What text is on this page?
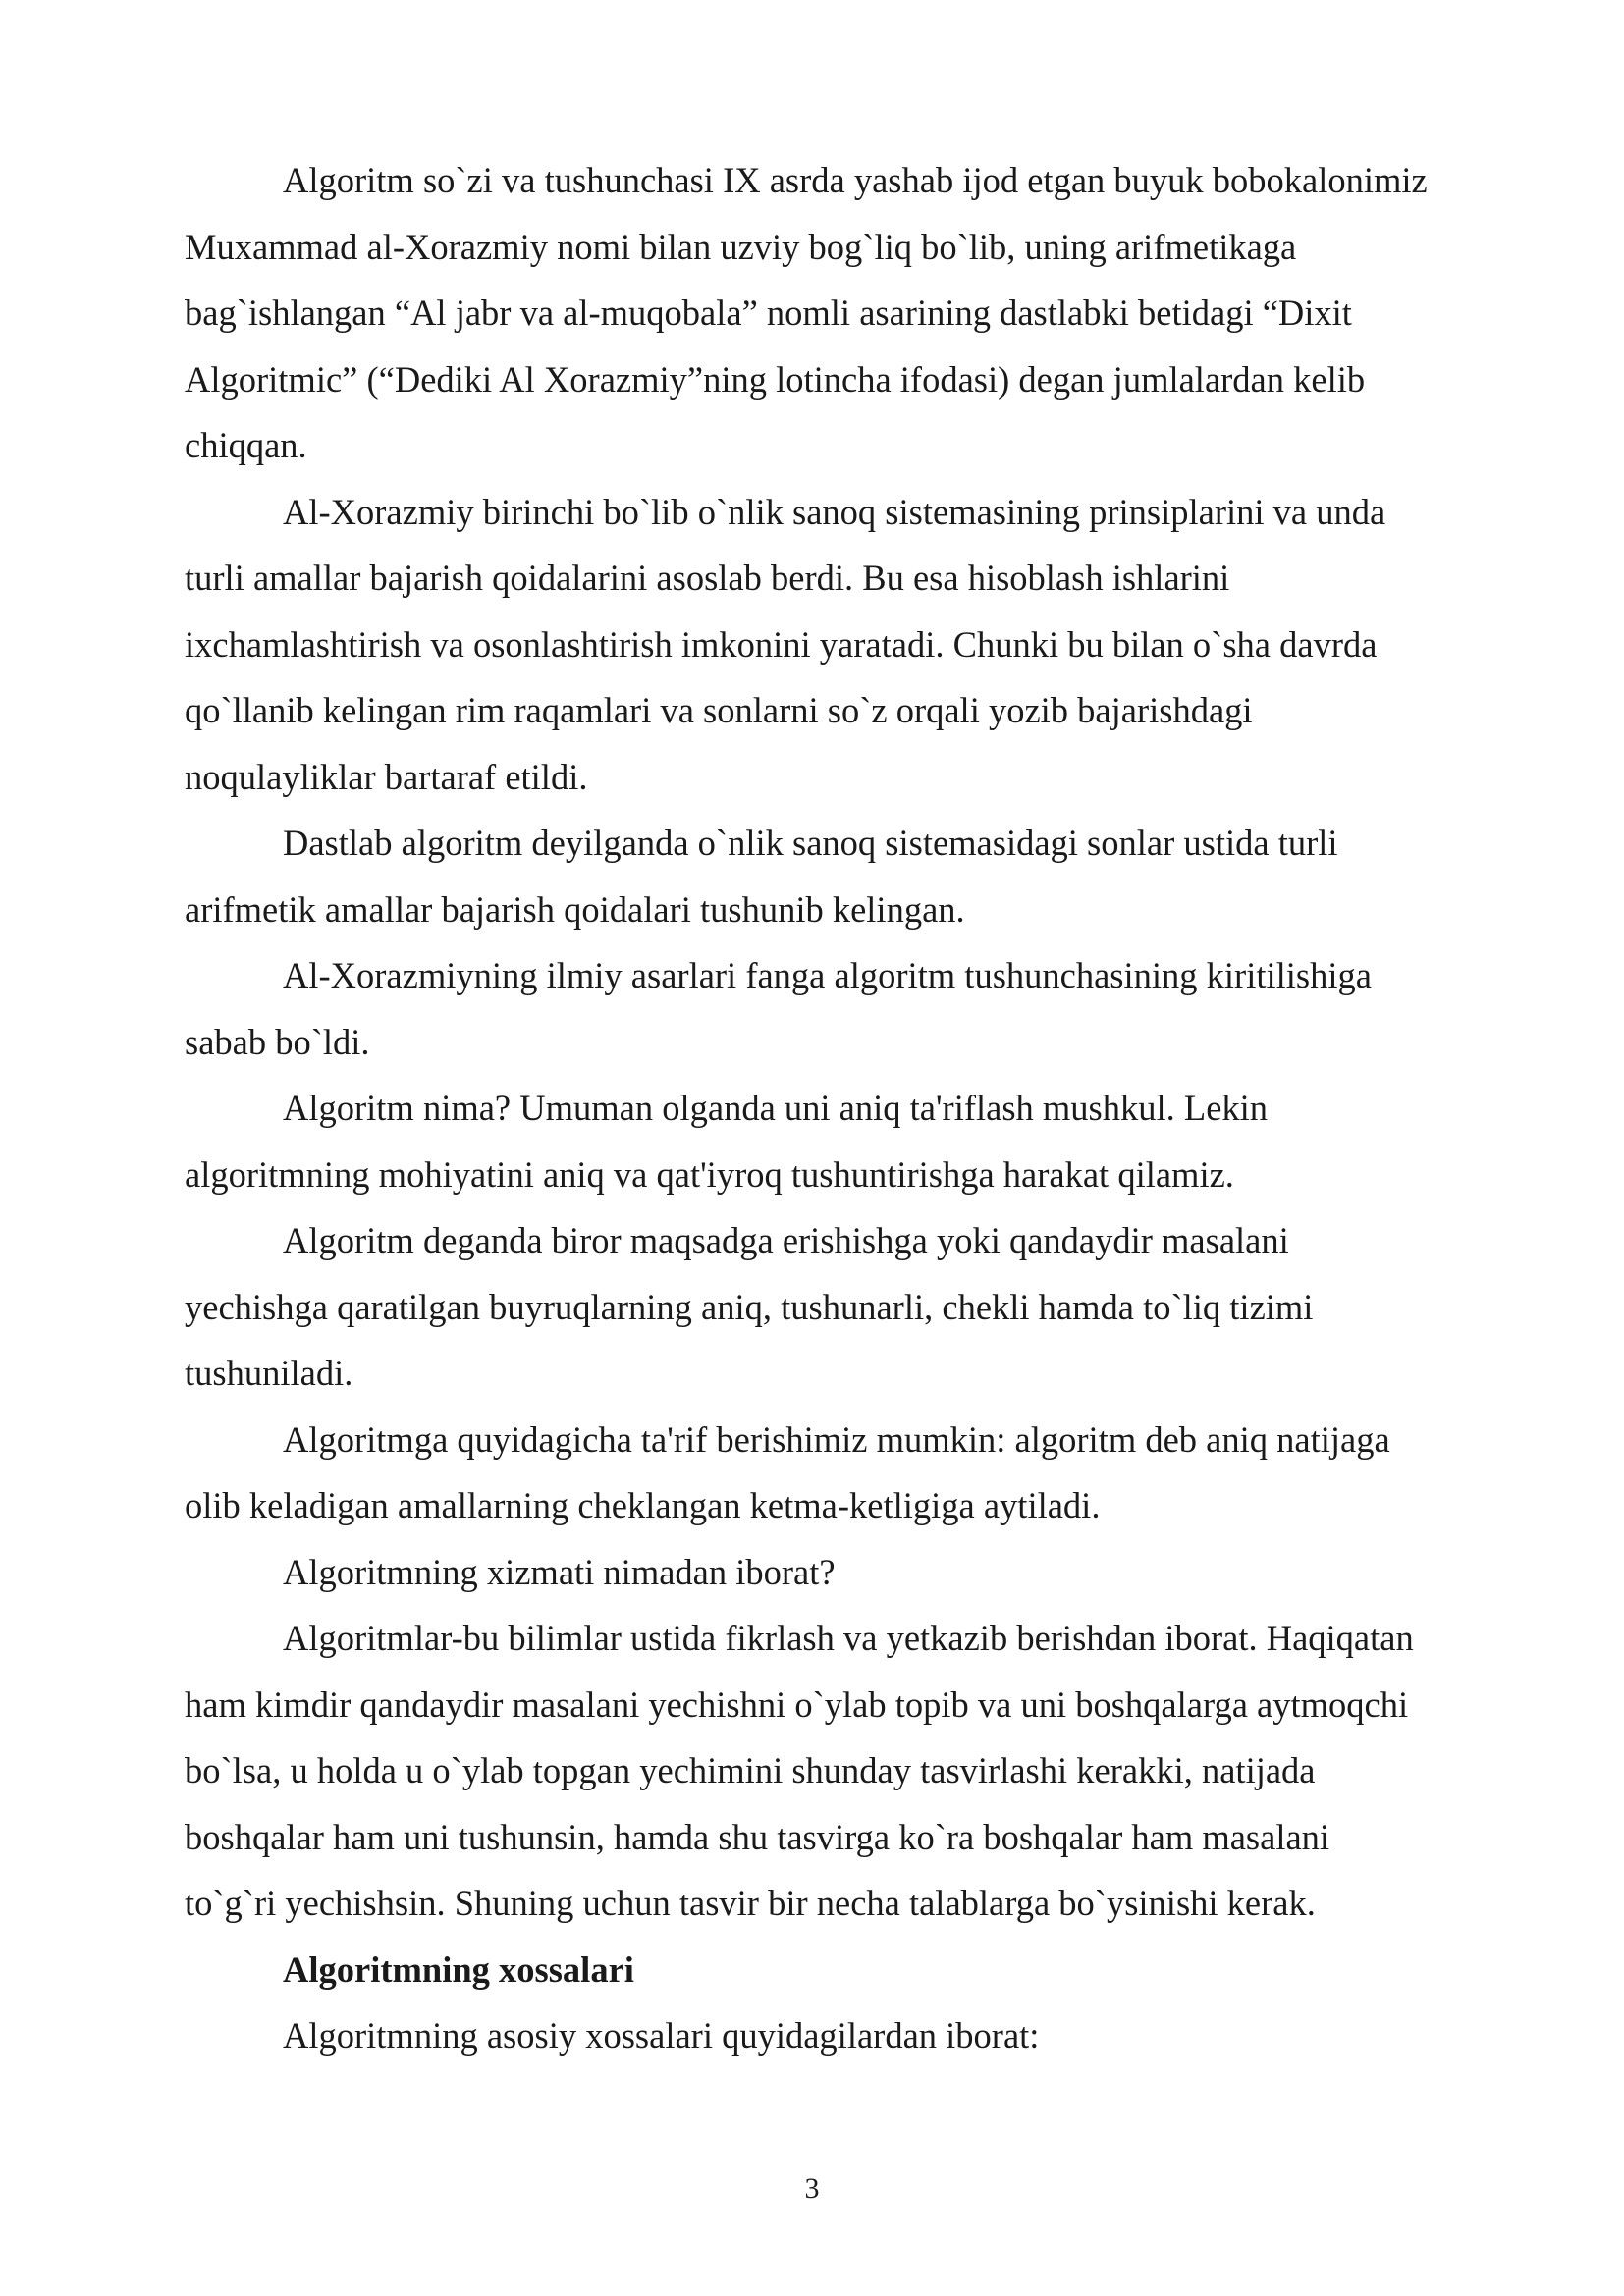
Algoritm so`zi va tushunchasi IX asrda yashab ijod etgan buyuk bobokalonimiz

Muxammad al-Xorazmiy nomi bilan uzviy bog`liq bo`lib, uning arifmetikaga

bag`ishlangan “Al jabr va al-muqobala” nomli asarining dastlabki betidagi “Dixit

Algoritmic” (“Dediki Al Xorazmiy”ning lotincha ifodasi) degan jumlalardan kelib

chiqqan.

Al-Xorazmiy birinchi bo`lib o`nlik sanoq sistemasining prinsiplarini va unda

turli amallar bajarish qoidalarini asoslab berdi. Bu esa hisoblash ishlarini

ixchamlashtirish va osonlashtirish imkonini yaratadi. Chunki bu bilan o`sha davrda

qo`llanib kelingan rim raqamlari va sonlarni so`z orqali yozib bajarishdagi

noqulayliklar bartaraf etildi.

Dastlab algoritm deyilganda o`nlik sanoq sistemasidagi sonlar ustida turli

arifmetik amallar bajarish qoidalari tushunib kelingan.

Al-Xorazmiyning ilmiy asarlari fanga algoritm tushunchasining kiritilishiga

sabab bo`ldi.

Algoritm nima? Umuman olganda uni aniq ta'riflash mushkul. Lekin

algoritmning mohiyatini aniq va qat'iyroq tushuntirishga harakat qilamiz.

Algoritm deganda biror maqsadga erishishga yoki qandaydir masalani

yechishga qaratilgan buyruqlarning aniq, tushunarli, chekli hamda to`liq tizimi

tushuniladi.

Algoritmga quyidagicha ta'rif berishimiz mumkin: algoritm deb aniq natijaga

olib keladigan amallarning cheklangan ketma-ketligiga aytiladi.

Algoritmning xizmati nimadan iborat?

Algoritmlar-bu bilimlar ustida fikrlash va yetkazib berishdan iborat. Haqiqatan

ham kimdir qandaydir masalani yechishni o`ylab topib va uni boshqalarga aytmoqchi

bo`lsa, u holda u o`ylab topgan yechimini shunday tasvirlashi kerakki, natijada

boshqalar ham uni tushunsin, hamda shu tasvirga ko`ra boshqalar ham masalani

to`g`ri yechishsin. Shuning uchun tasvir bir necha talablarga bo`ysinishi kerak.

Algoritmning xossalari

Algoritmning asosiy xossalari quyidagilardan iborat:

3
